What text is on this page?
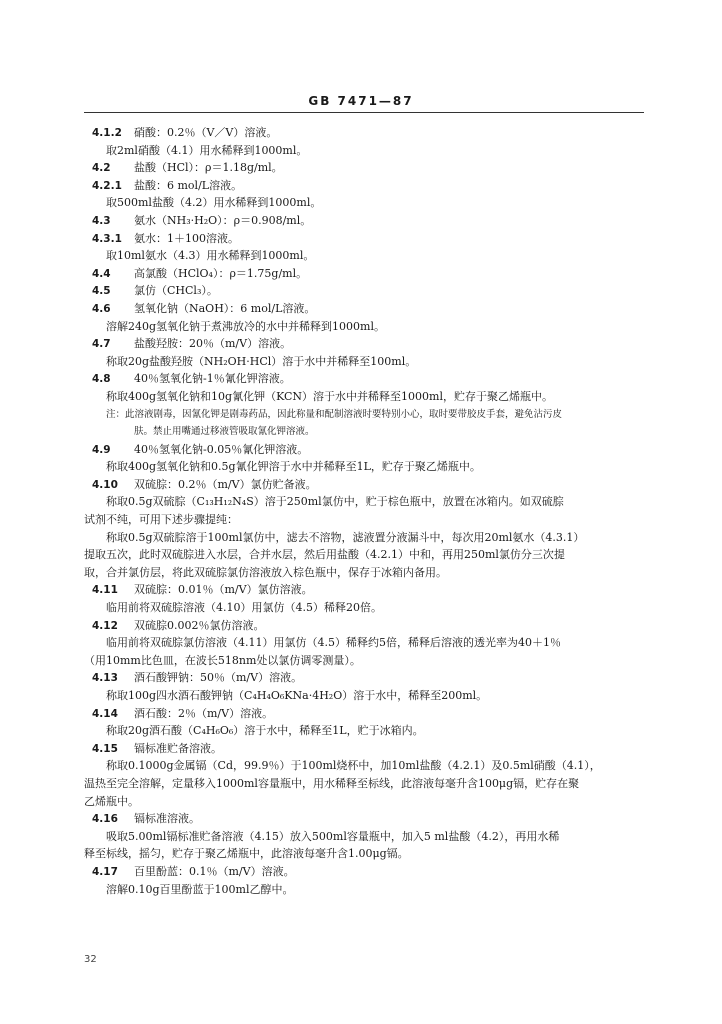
GB 7471—87
4.1.2 硝酸：0.2％（V／V）溶液。
取2ml硝酸（4.1）用水稀释到1000ml。
4.2 盐酸（HCl）：ρ＝1.18g/ml。
4.2.1 盐酸：6 mol/L溶液。
取500ml盐酸（4.2）用水稀释到1000ml。
4.3 氨水（NH₃·H₂O）：ρ＝0.908/ml。
4.3.1 氨水：1＋100溶液。
取10ml氨水（4.3）用水稀释到1000ml。
4.4 高氯酸（HClO₄）：ρ＝1.75g/ml。
4.5 氯仿（CHCl₃）。
4.6 氢氧化钠（NaOH）：6 mol/L溶液。
溶解240g氢氧化钠于煮沸放冷的水中并稀释到1000ml。
4.7 盐酸羟胺：20％（m/V）溶液。
称取20g盐酸羟胺（NH₂OH·HCl）溶于水中并稀释至100ml。
4.8 40％氢氧化钠-1％氰化钾溶液。
称取400g氢氧化钠和10g氰化钾（KCN）溶于水中并稀释至1000ml，贮存于聚乙烯瓶中。
注：此溶液剧毒，因氰化钾是剧毒药品，因此称量和配制溶液时要特别小心，取时要带胶皮手套，避免沾污皮
肤。禁止用嘴通过移液管吸取氰化钾溶液。
4.9 40％氢氧化钠-0.05％氰化钾溶液。
称取400g氢氧化钠和0.5g氰化钾溶于水中并稀释至1L，贮存于聚乙烯瓶中。
4.10 双硫腙：0.2％（m/V）氯仿贮备液。
称取0.5g双硫腙（C₁₃H₁₂N₄S）溶于250ml氯仿中，贮于棕色瓶中，放置在冰箱内。如双硫腙
试剂不纯，可用下述步骤提纯：
称取0.5g双硫腙溶于100ml氯仿中，滤去不溶物，滤液置分液漏斗中，每次用20ml氨水（4.3.1）
提取五次，此时双硫腙进入水层，合并水层，然后用盐酸（4.2.1）中和，再用250ml氯仿分三次提
取，合并氯仿层，将此双硫腙氯仿溶液放入棕色瓶中，保存于冰箱内备用。
4.11 双硫腙：0.01％（m/V）氯仿溶液。
临用前将双硫腙溶液（4.10）用氯仿（4.5）稀释20倍。
4.12 双硫腙0.002％氯仿溶液。
临用前将双硫腙氯仿溶液（4.11）用氯仿（4.5）稀释约5倍，稀释后溶液的透光率为40＋1％
（用10mm比色皿，在波长518nm处以氯仿调零测量）。
4.13 酒石酸钾钠：50％（m/V）溶液。
称取100g四水酒石酸钾钠（C₄H₄O₆KNa·4H₂O）溶于水中，稀释至200ml。
4.14 酒石酸：2％（m/V）溶液。
称取20g酒石酸（C₄H₆O₆）溶于水中，稀释至1L，贮于冰箱内。
4.15 镉标准贮备溶液。
称取0.1000g金属镉（Cd，99.9％）于100ml烧杯中，加10ml盐酸（4.2.1）及0.5ml硝酸（4.1），
温热至完全溶解，定量移入1000ml容量瓶中，用水稀释至标线，此溶液每毫升含100μg镉，贮存在聚
乙烯瓶中。
4.16 镉标准溶液。
吸取5.00ml镉标准贮备溶液（4.15）放入500ml容量瓶中，加入5 ml盐酸（4.2），再用水稀
释至标线，摇匀，贮存于聚乙烯瓶中，此溶液每毫升含1.00μg镉。
4.17 百里酚蓝：0.1％（m/V）溶液。
溶解0.10g百里酚蓝于100ml乙醇中。
32
